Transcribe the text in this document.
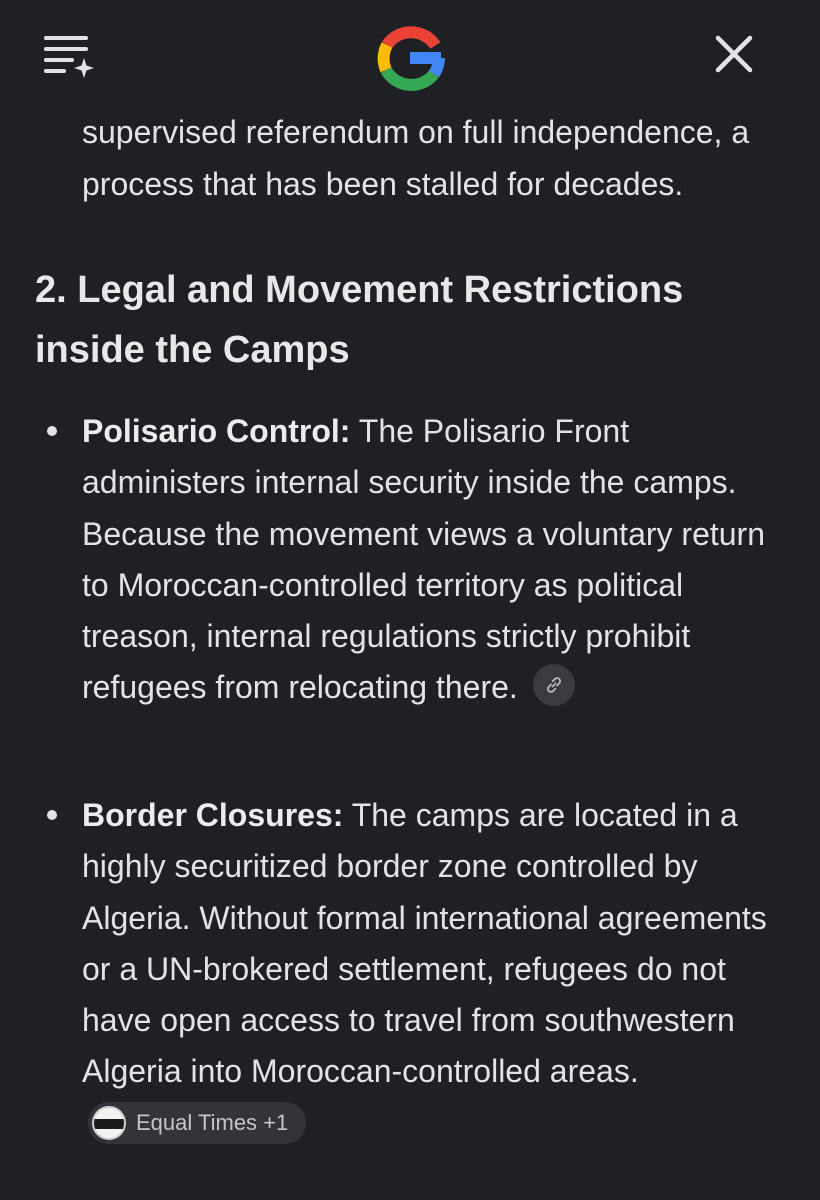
supervised referendum on full independence, a process that has been stalled for decades.

2. Legal and Movement Restrictions inside the Camps
Polisario Control: The Polisario Front administers internal security inside the camps. Because the movement views a voluntary return to Moroccan-controlled territory as political treason, internal regulations strictly prohibit refugees from relocating there.
Border Closures: The camps are located in a highly securitized border zone controlled by Algeria. Without formal international agreements or a UN-brokered settlement, refugees do not have open access to travel from southwestern Algeria into Moroccan-controlled areas.
Equal Times +1
